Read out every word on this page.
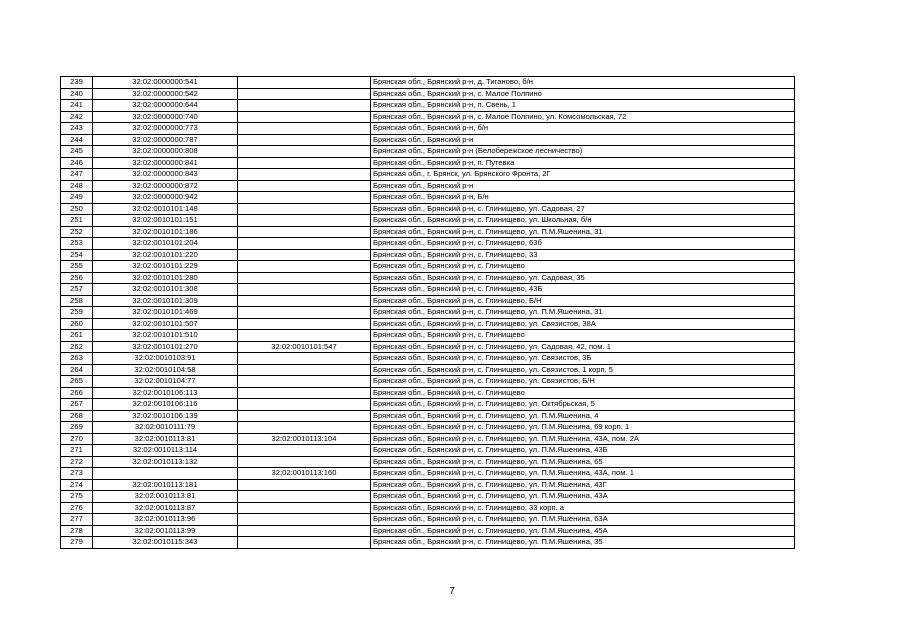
239	32:02:0000000:541		Брянская обл., Брянский р-н, д. Тиганово, б/н
240	32:02:0000000:542		Брянская обл., Брянский р-н, с. Малое Полпино
241	32:02:0000000:644		Брянская обл., Брянский р-н, п. Свень, 1
242	32:02:0000000:740		Брянская обл., Брянский р-н, с. Малое Полпино, ул. Комсомольская, 72
243	32:02:0000000:773		Брянская обл., Брянский р-н, б/н
244	32:02:0000000:787		Брянская обл., Брянский р-н
245	32:02:0000000:808		Брянская обл., Брянский р-н (Белобережское лесничество)
246	32:02:0000000:841		Брянская обл., Брянский р-н, п. Путевка
247	32:02:0000000:843		Брянская обл., г. Брянск, ул. Брянского Фронта, 2Г
248	32:02:0000000:872		Брянская обл., Брянский р-н
249	32:02:0000000:942		Брянская обл., Брянский р-н, Б/н
250	32:02:0010101:148		Брянская обл., Брянский р-н, с. Глинищево, ул. Садовая, 27
251	32:02:0010101:151		Брянская обл., Брянский р-н, с. Глинищево, ул. Школьная, б/н
252	32:02:0010101:186		Брянская обл., Брянский р-н, с. Глинищево, ул. П.М.Яшенина, 31
253	32:02:0010101:204		Брянская обл., Брянский р-н, с. Глинищево, 63б
254	32:02:0010101:220		Брянская обл., Брянский р-н, с. Глинищево, 33
255	32:02:0010101:229		Брянская обл., Брянский р-н, с. Глинищево
256	32:02:0010101:280		Брянская обл., Брянский р-н, с. Глинищево, ул. Садовая, 35
257	32:02:0010101:308		Брянская обл., Брянский р-н, с. Глинищево, 43Б
258	32:02:0010101:309		Брянская обл., Брянский р-н, с. Глинищево, Б/Н
259	32:02:0010101:469		Брянская обл., Брянский р-н, с. Глинищево, ул. П.М.Яшенина, 31
260	32:02:0010101:507		Брянская обл., Брянский р-н, с. Глинищево, ул. Связистов, 38А
261	32:02:0010101:510		Брянская обл., Брянский р-н, с. Глинищево
262	32:02:0010101:270	32:02:0010101:547	Брянская обл., Брянский р-н, с. Глинищево, ул. Садовая, 42, пом. 1
263	32:02:0010103:91		Брянская обл., Брянский р-н, с. Глинищево, ул. Связистов, 3Б
264	32:02:0010104:58		Брянская обл., Брянский р-н, с. Глинищево, ул. Связистов, 1 корп. 5
265	32:02:0010104:77		Брянская обл., Брянский р-н, с. Глинищево, ул. Связистов, Б/Н
266	32:02:0010106:113		Брянская обл., Брянский р-н, с. Глинищево
267	32:02:0010106:116		Брянская обл., Брянский р-н, с. Глинищево, ул. Октябрьская, 5
268	32:02:0010106:139		Брянская обл., Брянский р-н, с. Глинищево, ул. П.М.Яшенина, 4
269	32:02:0010111:79		Брянская обл., Брянский р-н, с. Глинищево, ул. П.М.Яшенина, 69 корп. 1
270	32:02:0010113:81	32:02:0010113:104	Брянская обл., Брянский р-н, с. Глинищево, ул. П.М.Яшенина, 43А, пом. 2А
271	32:02:0010113:114		Брянская обл., Брянский р-н, с. Глинищево, ул. П.М.Яшенина, 43Б
272	32:02:0010113:132		Брянская обл., Брянский р-н, с. Глинищево, ул. П.М.Яшенина, 65
273		32:02:0010113:160	Брянская обл., Брянский р-н, с. Глинищево, ул. П.М.Яшенина, 43А, пом. 1
274	32:02:0010113:181		Брянская обл., Брянский р-н, с. Глинищево, ул. П.М.Яшенина, 43Г
275	32:02:0010113:81		Брянская обл., Брянский р-н, с. Глинищево, ул. П.М.Яшенина, 43А
276	32:02:0010113:87		Брянская обл., Брянский р-н, с. Глинищево, 33 корп. а
277	32:02:0010113:96		Брянская обл., Брянский р-н, с. Глинищево, ул. П.М.Яшенина, 63А
278	32:02:0010113:99		Брянская обл., Брянский р-н, с. Глинищево, ул. П.М.Яшенина, 45А
279	32:02:0010115:343		Брянская обл., Брянский р-н, с. Глинищево, ул. П.М.Яшенина, 35
7
